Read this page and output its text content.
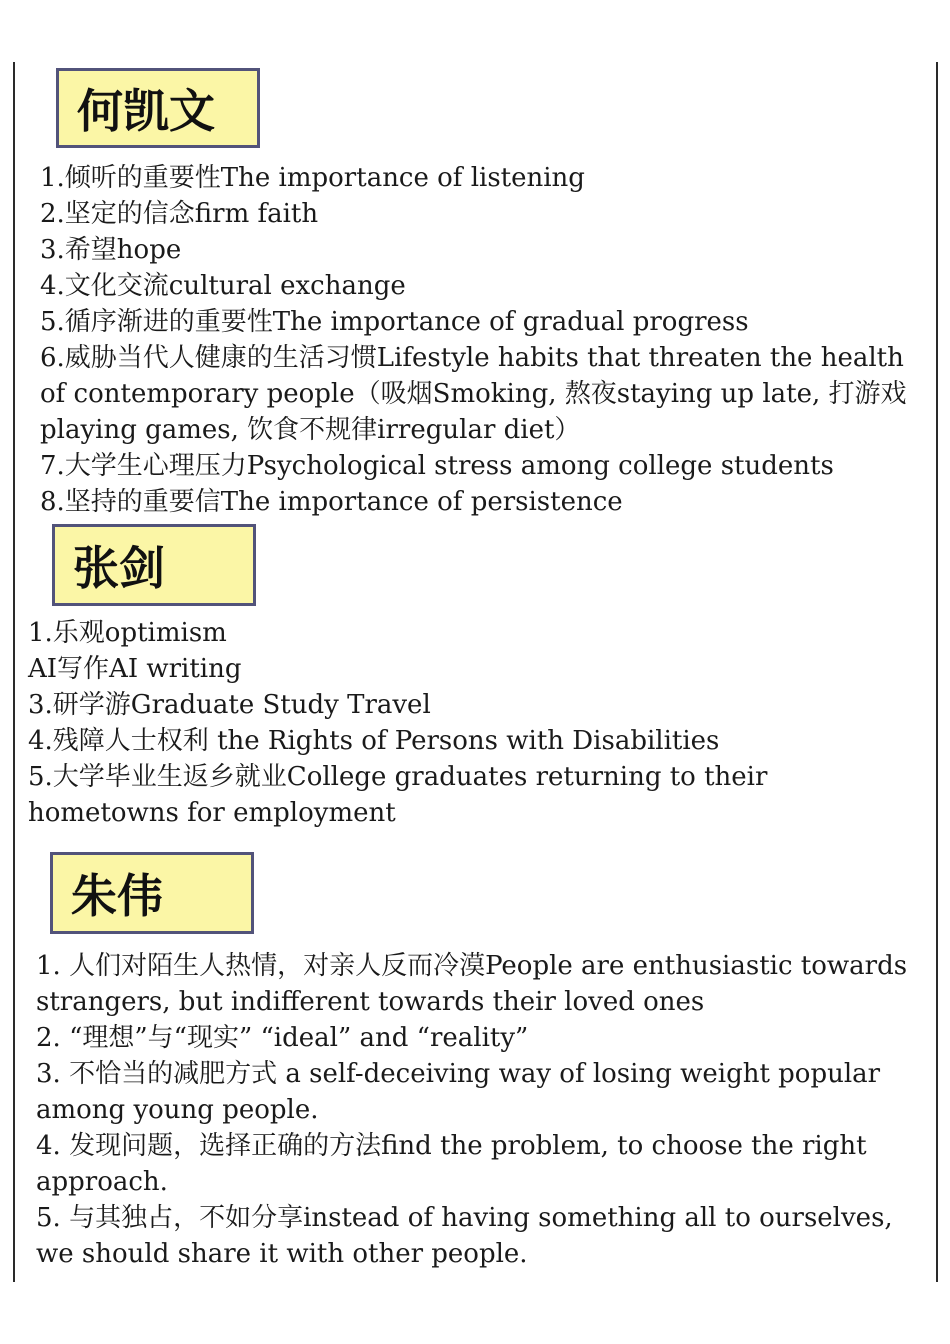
何凯文
1.倾听的重要性The importance of listening
2.坚定的信念firm faith
3.希望hope
4.文化交流cultural exchange
5.循序渐进的重要性The importance of gradual progress
6.威胁当代人健康的生活习惯Lifestyle habits that threaten the health of contemporary people（吸烟Smoking, 熬夜staying up late, 打游戏playing games, 饮食不规律irregular diet）
7.大学生心理压力Psychological stress among college students
8.坚持的重要信The importance of persistence
张剑
1.乐观optimism
AI写作AI writing
3.研学游Graduate Study Travel
4.残障人士权利 the Rights of Persons with Disabilities
5.大学毕业生返乡就业College graduates returning to their hometowns for employment
朱伟
1. 人们对陌生人热情，对亲人反而冷漠People are enthusiastic towards strangers, but indifferent towards their loved ones
2. “理想”与“现实” “ideal” and “reality”
3. 不恰当的减肥方式 a self-deceiving way of losing weight popular among young people.
4. 发现问题，选择正确的方法find the problem, to choose the right approach.
5. 与其独占，不如分享instead of having something all to ourselves, we should share it with other people.
